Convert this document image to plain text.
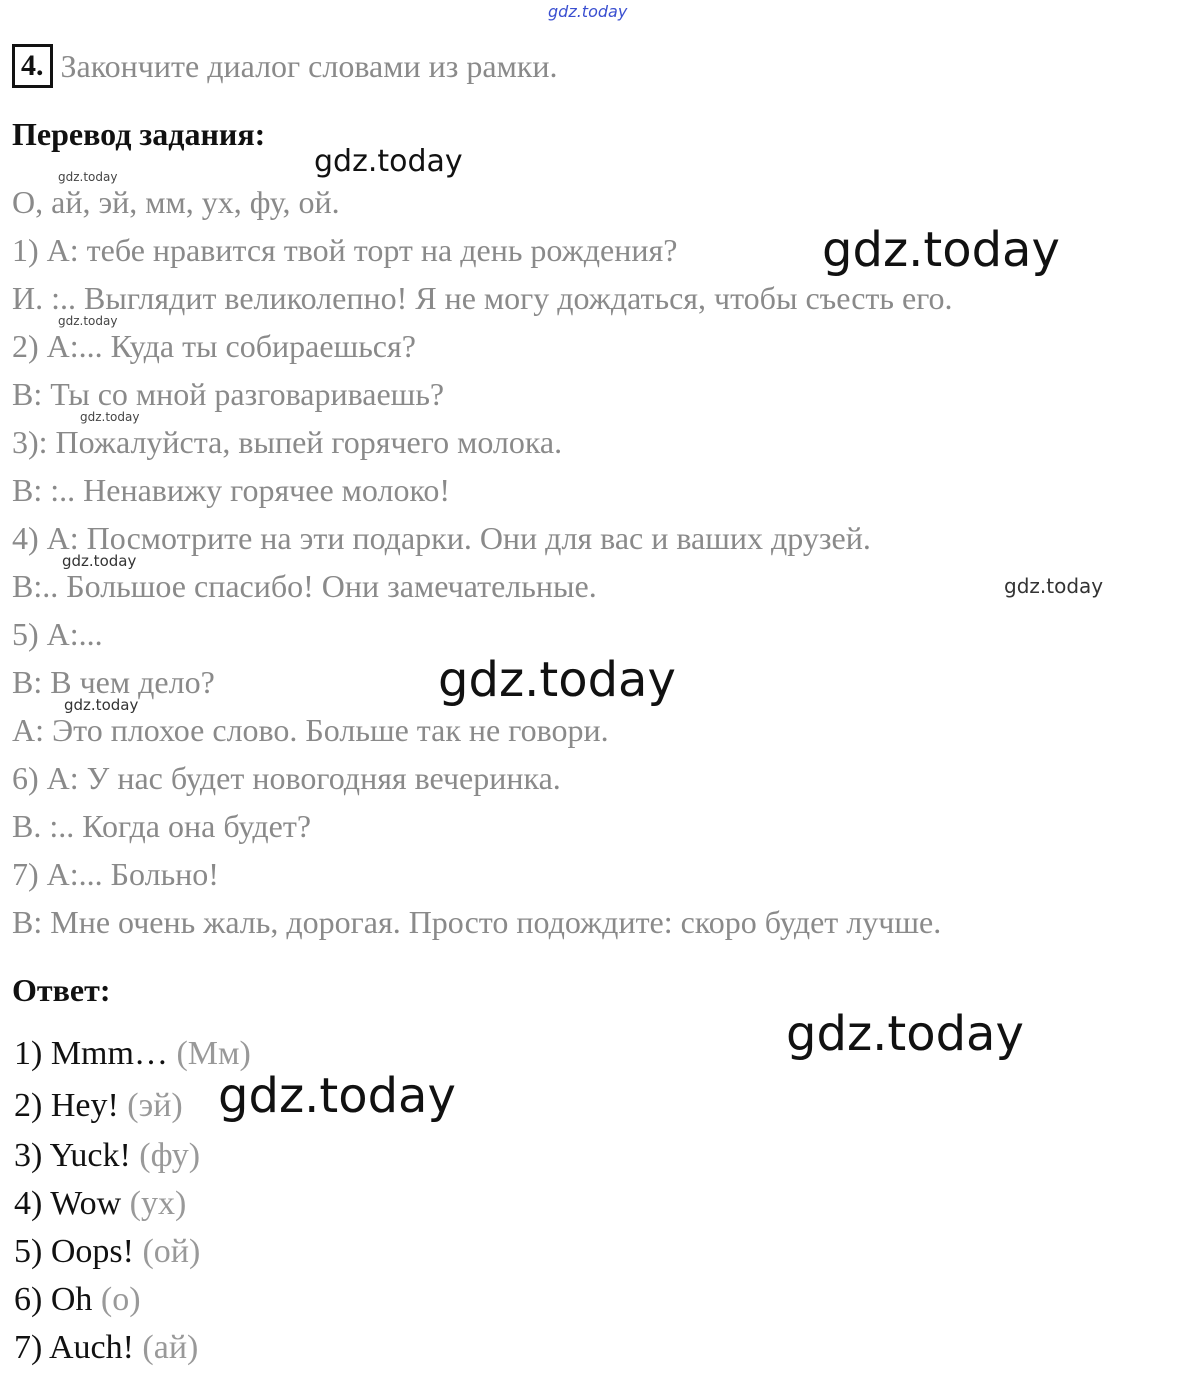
gdz.today
4. Закончите диалог словами из рамки.
Перевод задания:
О, ай, эй, мм, ух, фу, ой.
1) А: тебе нравится твой торт на день рождения?
И. :.. Выглядит великолепно! Я не могу дождаться, чтобы съесть его.
2) А:... Куда ты собираешься?
В: Ты со мной разговариваешь?
3): Пожалуйста, выпей горячего молока.
В: :.. Ненавижу горячее молоко!
4) А: Посмотрите на эти подарки. Они для вас и ваших друзей.
В:.. Большое спасибо! Они замечательные.
5) А:...
В: В чем дело?
А: Это плохое слово. Больше так не говори.
6) А: У нас будет новогодняя вечеринка.
В. :.. Когда она будет?
7) А:... Больно!
В: Мне очень жаль, дорогая. Просто подождите: скоро будет лучше.
Ответ:
1) Mmm… (Мм)
2) Hey! (эй)
3) Yuck! (фу)
4) Wow (ух)
5) Oops! (ой)
6) Oh (о)
7) Auch! (ай)
gdz.today
gdz.today
gdz.today
gdz.today
gdz.today
gdz.today
gdz.today
gdz.today
gdz.today
gdz.today
gdz.today
